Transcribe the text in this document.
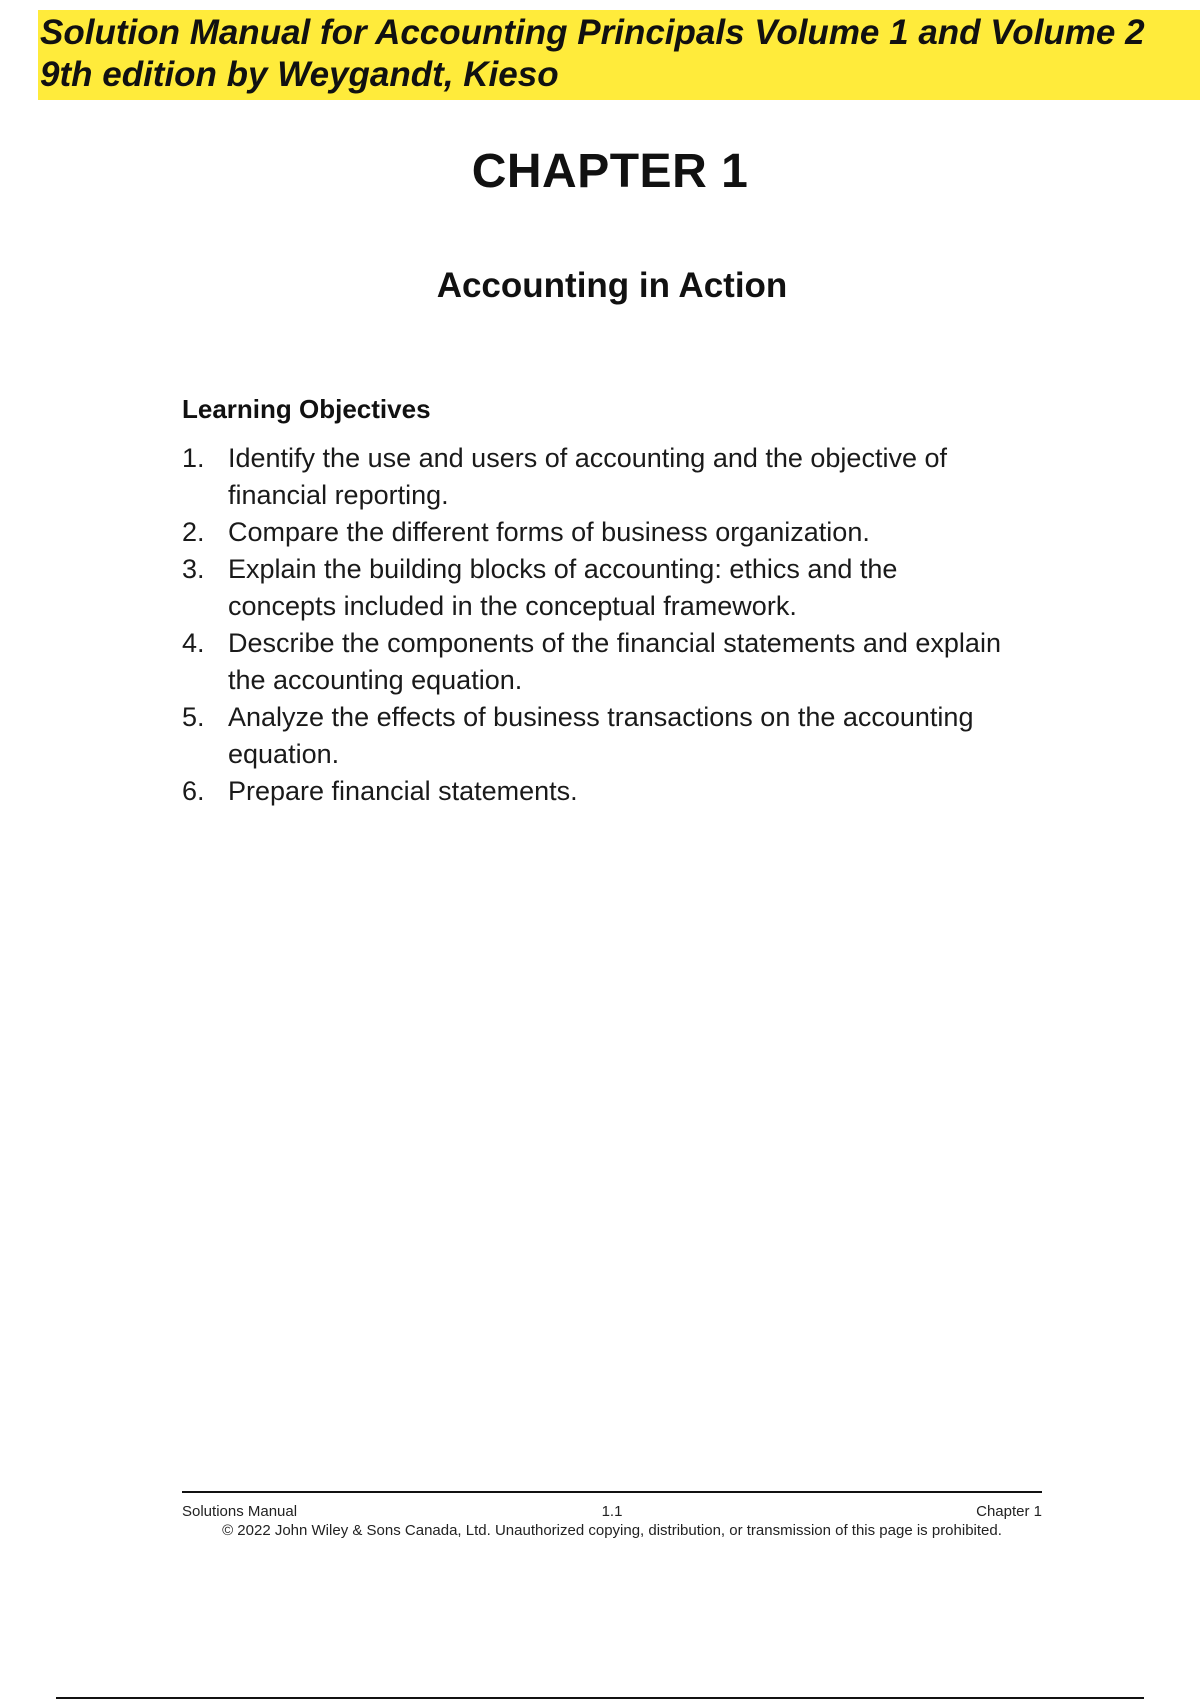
Solution Manual for Accounting Principals Volume 1 and Volume 2
9th edition by Weygandt, Kieso
CHAPTER 1
Accounting in Action
Learning Objectives
1. Identify the use and users of accounting and the objective of financial reporting.
2. Compare the different forms of business organization.
3. Explain the building blocks of accounting: ethics and the concepts included in the conceptual framework.
4. Describe the components of the financial statements and explain the accounting equation.
5. Analyze the effects of business transactions on the accounting equation.
6. Prepare financial statements.
1.1
Solutions Manual	Chapter 1
© 2022 John Wiley & Sons Canada, Ltd. Unauthorized copying, distribution, or transmission of this page is prohibited.
